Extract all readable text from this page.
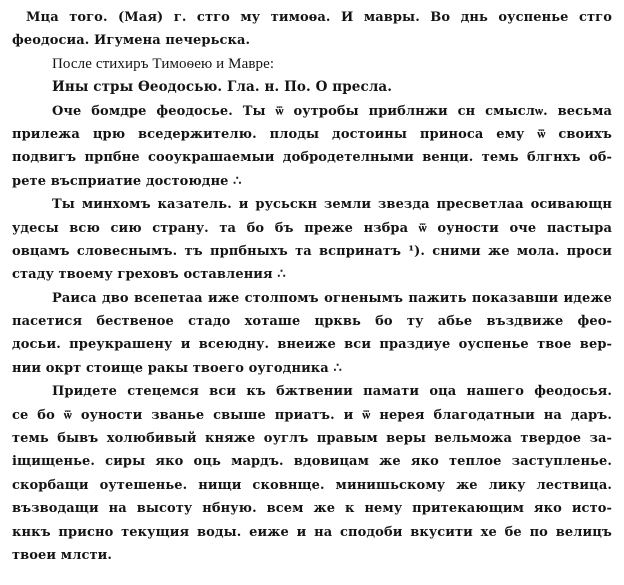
Мца того. (Мая) г. стго му тимоѳа. И мавры. Во днь оуспенье стго
феодосиа. Игумена печерьска.
После стихиръ Тимоѳею и Мавре:
Ины стры Ѳеодосью. Гла. н. По. О пресла.
Оче бомдре феодосье. Ты ѿ оутробы приблнжи сн смыслѡ. весьма
прилежа црю вседержителю. плоды достоины приноса ему ѿ своихъ
подвигъ прпбне соoукрашаемыи добродетелными венци. темь блгнхъ об-
рете въсприатие достоюдне ∴
Ты минхомъ казатель. и русьскн земли звезда пресветлаа осивающн
удесы всю сию страну. та бо бъ преже нзбра ѿ оуности оче пастыра
овцамъ словеснымъ. тъ прпбныхъ та вспринатъ ¹). сними же мола. проси
стаду твоему греховъ оставления ∴
Раиса дво всепетаа иже столпомъ огненымъ пажить показавши идеже
пасетися бественое стадо хоташе црквь бо ту абье въздвиже фео-
досьи. преукрашену и всеюдну. внеиже вси праздиуе оуспенье твое вер-
нии окрт стоище ракы твоего оугодника ∴
Придете стецемся вси къ бжтвении памати оца нашего феодосья.
се бо ѿ оуности званье свыше приатъ. и ѿ нерея благодатныи на даръ.
темь бывъ холюбивый княже оуглъ правым веры вельможа твердое за-
iщищенье. сиры яко оць мардъ. вдовицам же яко теплое заступленье.
скорбащи оутешенье. нищи сковнще. минишьскому же лику лествица.
възводащи на высоту нбную. всем же к нему притекающим яко исто-
кнкъ присно текущия воды. еиже и на сподоби вкусити хе бе по велицъ
твоеи млсти.
